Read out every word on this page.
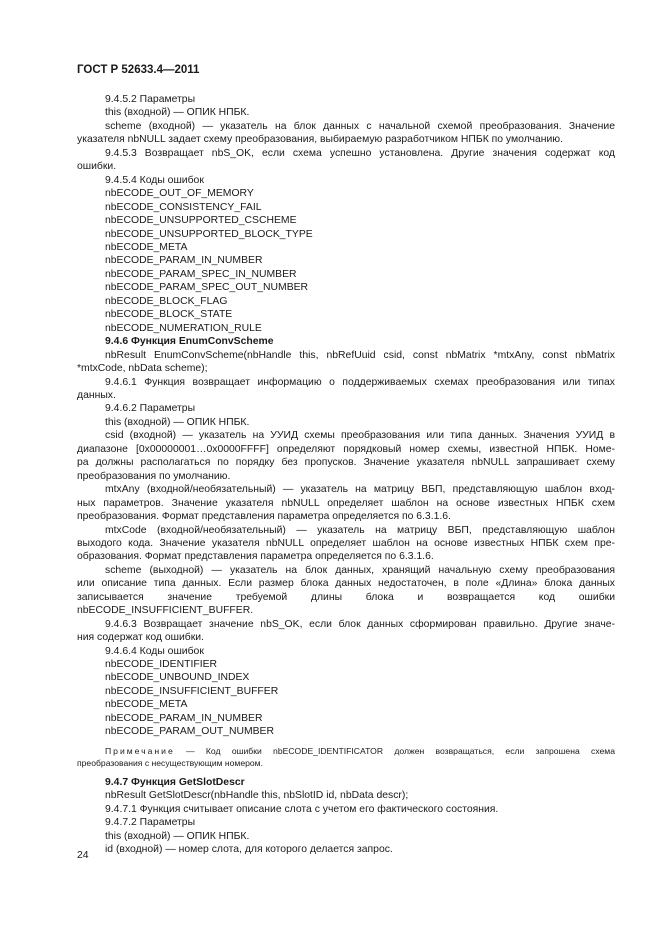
ГОСТ Р 52633.4—2011
9.4.5.2 Параметры
this (входной) — ОПИК НПБК.
scheme (входной) — указатель на блок данных с начальной схемой преобразования. Значение
указателя nbNULL задает схему преобразования, выбираемую разработчиком НПБК по умолчанию.
9.4.5.3 Возвращает nbS_OK, если схема успешно установлена. Другие значения содержат код
ошибки.
9.4.5.4 Коды ошибок
nbECODE_OUT_OF_MEMORY
nbECODE_CONSISTENCY_FAIL
nbECODE_UNSUPPORTED_CSCHEME
nbECODE_UNSUPPORTED_BLOCK_TYPE
nbECODE_META
nbECODE_PARAM_IN_NUMBER
nbECODE_PARAM_SPEC_IN_NUMBER
nbECODE_PARAM_SPEC_OUT_NUMBER
nbECODE_BLOCK_FLAG
nbECODE_BLOCK_STATE
nbECODE_NUMERATION_RULE
9.4.6 Функция EnumConvScheme
nbResult EnumConvScheme(nbHandle this, nbRefUuid csid, const nbMatrix *mtxAny, const nbMatrix
*mtxCode, nbData scheme);
9.4.6.1 Функция возвращает информацию о поддерживаемых схемах преобразования или типах
данных.
9.4.6.2 Параметры
this (входной) — ОПИК НПБК.
csid (входной) — указатель на УУИД схемы преобразования или типа данных. Значения УУИД в
диапазоне [0x00000001…0x0000FFFF] определяют порядковый номер схемы, известной НПБК. Номе-
ра должны располагаться по порядку без пропусков. Значение указателя nbNULL запрашивает схему
преобразования по умолчанию.
mtxAny (входной/необязательный) — указатель на матрицу ВБП, представляющую шаблон вход-
ных параметров. Значение указателя nbNULL определяет шаблон на основе известных НПБК схем
преобразования. Формат представления параметра определяется по 6.3.1.6.
mtxCode (входной/необязательный) — указатель на матрицу ВБП, представляющую шаблон
выходого кода. Значение указателя nbNULL определяет шаблон на основе известных НПБК схем пре-
образования. Формат представления параметра определяется по 6.3.1.6.
scheme (выходной) — указатель на блок данных, хранящий начальную схему преобразования
или описание типа данных. Если размер блока данных недостаточен, в поле «Длина» блока данных
записывается значение требуемой длины блока и возвращается код ошибки
nbECODE_INSUFFICIENT_BUFFER.
9.4.6.3 Возвращает значение nbS_OK, если блок данных сформирован правильно. Другие значе-
ния содержат код ошибки.
9.4.6.4 Коды ошибок
nbECODE_IDENTIFIER
nbECODE_UNBOUND_INDEX
nbECODE_INSUFFICIENT_BUFFER
nbECODE_META
nbECODE_PARAM_IN_NUMBER
nbECODE_PARAM_OUT_NUMBER
Примечание — Код ошибки nbECODE_IDENTIFICATOR должен возвращаться, если запрошена схема
преобразования с несуществующим номером.
9.4.7 Функция GetSlotDescr
nbResult GetSlotDescr(nbHandle this, nbSlotID id, nbData descr);
9.4.7.1 Функция считывает описание слота с учетом его фактического состояния.
9.4.7.2 Параметры
this (входной) — ОПИК НПБК.
id (входной) — номер слота, для которого делается запрос.
24
